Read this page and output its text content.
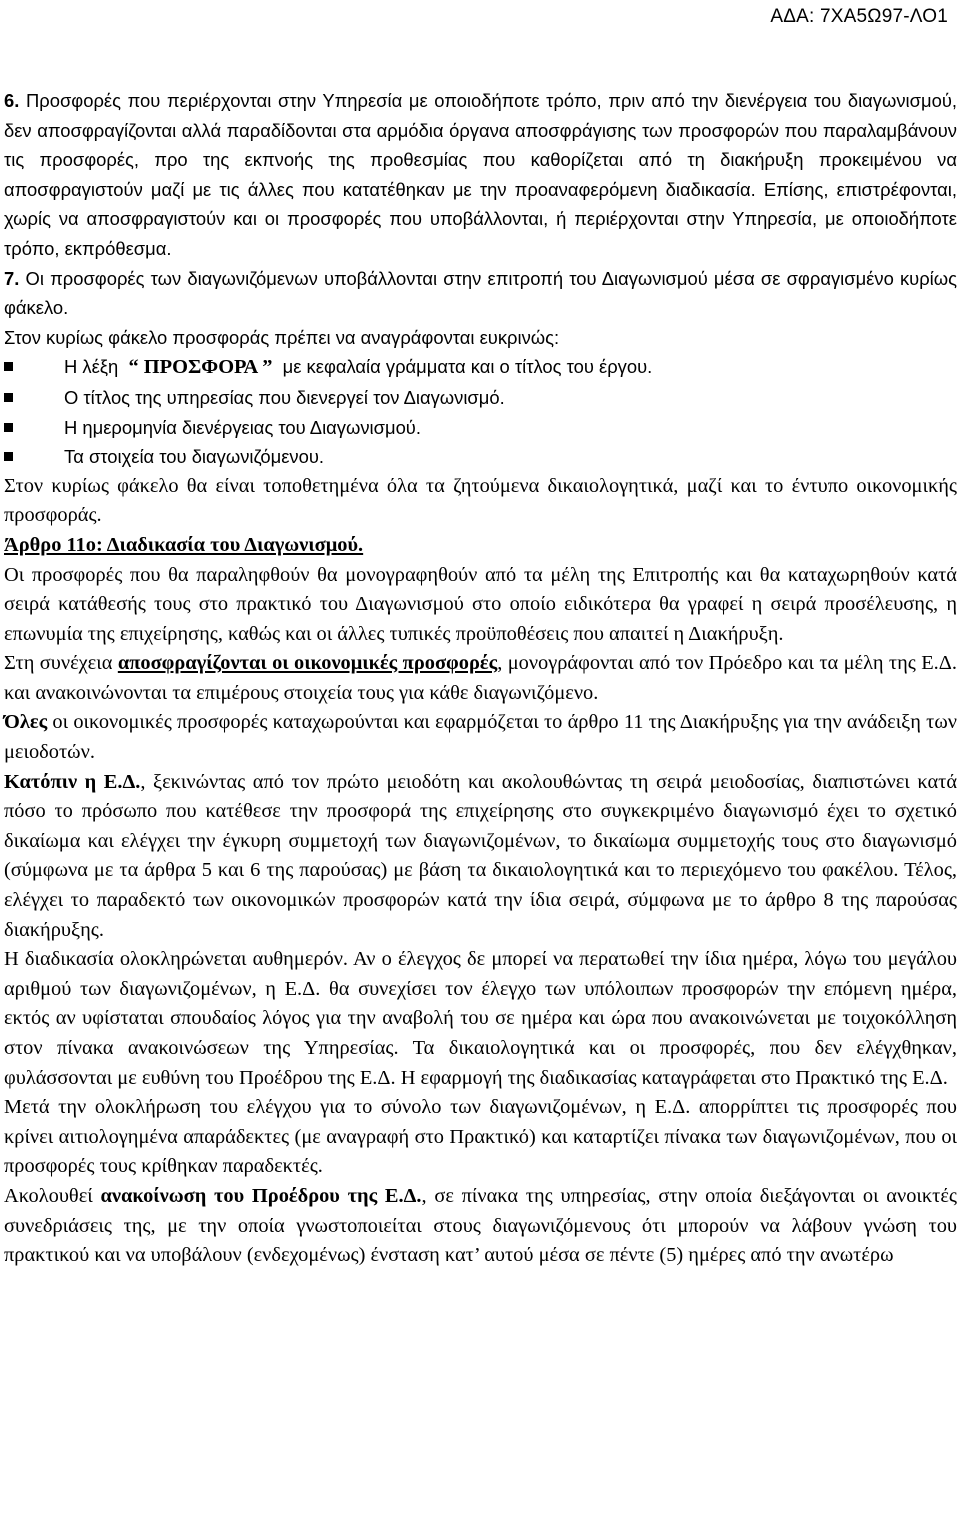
ΑΔΑ: 7ΧΑ5Ω97-ΛΟ1

6. Προσφορές που περιέρχονται στην Υπηρεσία με οποιοδήποτε τρόπο, πριν από την διενέργεια του διαγωνισμού, δεν αποσφραγίζονται αλλά παραδίδονται στα αρμόδια όργανα αποσφράγισης των προσφορών που παραλαμβάνουν τις προσφορές, προ της εκπνοής της προθεσμίας που καθορίζεται από τη διακήρυξη προκειμένου να αποσφραγιστούν μαζί με τις άλλες που κατατέθηκαν με την προαναφερόμενη διαδικασία. Επίσης, επιστρέφονται, χωρίς να αποσφραγιστούν και οι προσφορές που υποβάλλονται, ή περιέρχονται στην Υπηρεσία, με οποιοδήποτε τρόπο, εκπρόθεσμα.

7. Οι προσφορές των διαγωνιζόμενων υποβάλλονται στην επιτροπή του Διαγωνισμού μέσα σε σφραγισμένο κυρίως φάκελο.

Στον κυρίως φάκελο προσφοράς πρέπει να αναγράφονται ευκρινώς:

Η λέξη “ ΠΡΟΣΦΟΡΑ ” με κεφαλαία γράμματα και ο τίτλος του έργου.
Ο τίτλος της υπηρεσίας που διενεργεί τον Διαγωνισμό.
Η ημερομηνία διενέργειας του Διαγωνισμού.
Τα στοιχεία του διαγωνιζόμενου.

Στον κυρίως φάκελο θα είναι τοποθετημένα όλα τα ζητούμενα δικαιολογητικά, μαζί και το έντυπο οικονομικής προσφοράς.

Άρθρο 11ο: Διαδικασία του Διαγωνισμού.

Οι προσφορές που θα παραληφθούν θα μονογραφηθούν από τα μέλη της Επιτροπής και θα καταχωρηθούν κατά σειρά κατάθεσής τους στο πρακτικό του Διαγωνισμού στο οποίο ειδικότερα θα γραφεί η σειρά προσέλευσης, η επωνυμία της επιχείρησης, καθώς και οι άλλες τυπικές προϋποθέσεις που απαιτεί η Διακήρυξη.

Στη συνέχεια αποσφραγίζονται οι οικονομικές προσφορές, μονογράφονται από τον Πρόεδρο και τα μέλη της Ε.Δ. και ανακοινώνονται τα επιμέρους στοιχεία τους για κάθε διαγωνιζόμενο.

Όλες οι οικονομικές προσφορές καταχωρούνται και εφαρμόζεται το άρθρο 11 της Διακήρυξης για την ανάδειξη των μειοδοτών.

Κατόπιν η Ε.Δ., ξεκινώντας από τον πρώτο μειοδότη και ακολουθώντας τη σειρά μειοδοσίας, διαπιστώνει κατά πόσο το πρόσωπο που κατέθεσε την προσφορά της επιχείρησης στο συγκεκριμένο διαγωνισμό έχει το σχετικό δικαίωμα και ελέγχει την έγκυρη συμμετοχή των διαγωνιζομένων, το δικαίωμα συμμετοχής τους στο διαγωνισμό (σύμφωνα με τα άρθρα 5 και 6 της παρούσας) με βάση τα δικαιολογητικά και το περιεχόμενο του φακέλου. Τέλος, ελέγχει το παραδεκτό των οικονομικών προσφορών κατά την ίδια σειρά, σύμφωνα με το άρθρο 8 της παρούσας διακήρυξης.

Η διαδικασία ολοκληρώνεται αυθημερόν. Αν ο έλεγχος δε μπορεί να περατωθεί την ίδια ημέρα, λόγω του μεγάλου αριθμού των διαγωνιζομένων, η Ε.Δ. θα συνεχίσει τον έλεγχο των υπόλοιπων προσφορών την επόμενη ημέρα, εκτός αν υφίσταται σπουδαίος λόγος για την αναβολή του σε ημέρα και ώρα που ανακοινώνεται με τοιχοκόλληση στον πίνακα ανακοινώσεων της Υπηρεσίας. Τα δικαιολογητικά και οι προσφορές, που δεν ελέγχθηκαν, φυλάσσονται με ευθύνη του Προέδρου της Ε.Δ. Η εφαρμογή της διαδικασίας καταγράφεται στο Πρακτικό της Ε.Δ.

Μετά την ολοκλήρωση του ελέγχου για το σύνολο των διαγωνιζομένων, η Ε.Δ. απορρίπτει τις προσφορές που κρίνει αιτιολογημένα απαράδεκτες (με αναγραφή στο Πρακτικό) και καταρτίζει πίνακα των διαγωνιζομένων, που οι προσφορές τους κρίθηκαν παραδεκτές.

Ακολουθεί ανακοίνωση του Προέδρου της Ε.Δ., σε πίνακα της υπηρεσίας, στην οποία διεξάγονται οι ανοικτές συνεδριάσεις της, με την οποία γνωστοποιείται στους διαγωνιζόμενους ότι μπορούν να λάβουν γνώση του πρακτικού και να υποβάλουν (ενδεχομένως) ένσταση κατ’ αυτού μέσα σε πέντε (5) ημέρες από την ανωτέρω
